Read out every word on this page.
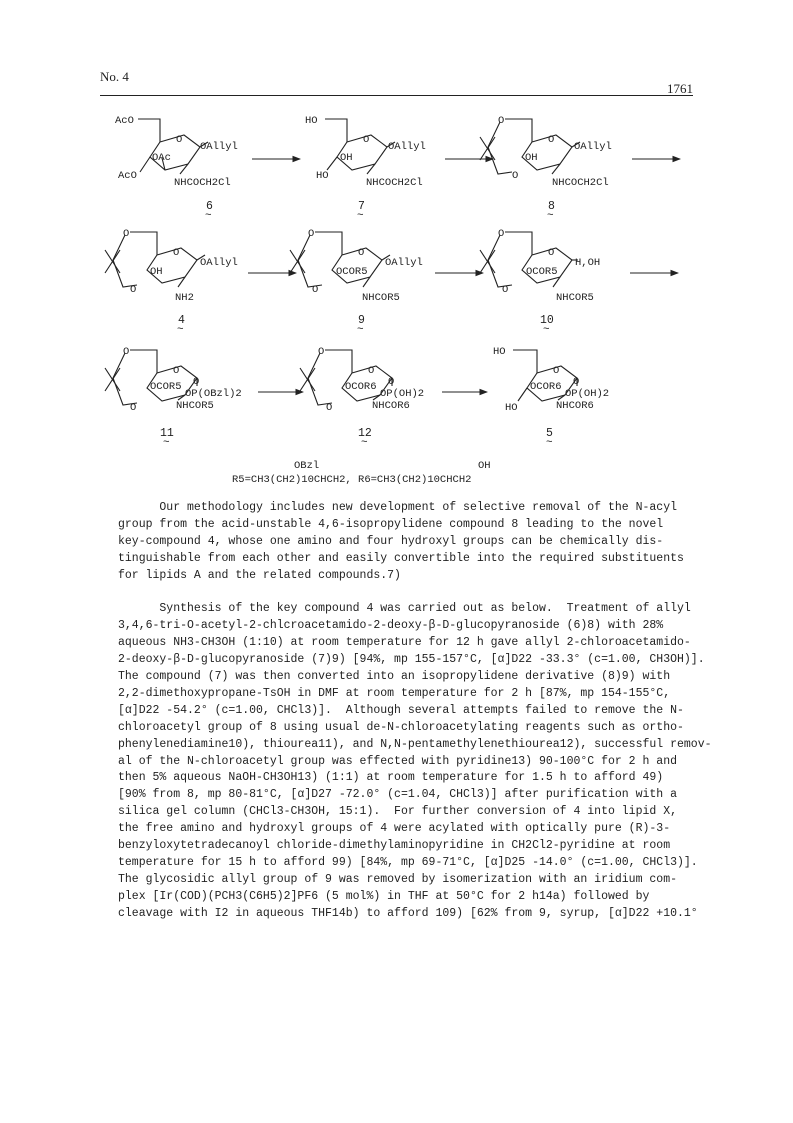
No. 4
1761
O
OAllyl
OAc
AcO
AcO
NHCOCH2Cl
6
~
O
OAllyl
OH
HO
HO
NHCOCH2Cl
7
~
O
OAllyl
OH
O
O
NHCOCH2Cl
8
~
O
OAllyl
OH
O
O
NH2
4
~
O
OAllyl
OCOR5
O
O
NHCOR5
9
~
O
H,OH
OCOR5
O
O
NHCOR5
10
~
O
O
OP(OBzl)2
OCOR5
O
O	NHCOR5
11
~
O
O
OP(OH)2
OCOR6
O
O	NHCOR6
12
~
O
O
OP(OH)2
OCOR6
HO
HO	NHCOR6
5
~
OBzl	OH
R5=CH3(CH2)10CHCH2, R6=CH3(CH2)10CHCH2

Our methodology includes new development of selective removal of the N-acyl

group from the acid-unstable 4,6-isopropylidene compound 8 leading to the novel

key-compound 4, whose one amino and four hydroxyl groups can be chemically dis-

tinguishable from each other and easily convertible into the required substituents

for lipids A and the related compounds.7)

Synthesis of the key compound 4 was carried out as below.  Treatment of allyl

3,4,6-tri-O-acetyl-2-chlcroacetamido-2-deoxy-β-D-glucopyranoside (6)8) with 28%

aqueous NH3-CH3OH (1:10) at room temperature for 12 h gave allyl 2-chloroacetamido-

2-deoxy-β-D-glucopyranoside (7)9) [94%, mp 155-157°C, [α]D22 -33.3° (c=1.00, CH3OH)].

The compound (7) was then converted into an isopropylidene derivative (8)9) with

2,2-dimethoxypropane-TsOH in DMF at room temperature for 2 h [87%, mp 154-155°C,

[α]D22 -54.2° (c=1.00, CHCl3)].  Although several attempts failed to remove the N-

chloroacetyl group of 8 using usual de-N-chloroacetylating reagents such as ortho-

phenylenediamine10), thiourea11), and N,N-pentamethylenethiourea12), successful remov-

al of the N-chloroacetyl group was effected with pyridine13) 90-100°C for 2 h and

then 5% aqueous NaOH-CH3OH13) (1:1) at room temperature for 1.5 h to afford 49)

[90% from 8, mp 80-81°C, [α]D27 -72.0° (c=1.04, CHCl3)] after purification with a

silica gel column (CHCl3-CH3OH, 15:1).  For further conversion of 4 into lipid X,

the free amino and hydroxyl groups of 4 were acylated with optically pure (R)-3-

benzyloxytetradecanoyl chloride-dimethylaminopyridine in CH2Cl2-pyridine at room

temperature for 15 h to afford 99) [84%, mp 69-71°C, [α]D25 -14.0° (c=1.00, CHCl3)].

The glycosidic allyl group of 9 was removed by isomerization with an iridium com-

plex [Ir(COD)(PCH3(C6H5)2]PF6 (5 mol%) in THF at 50°C for 2 h14a) followed by

cleavage with I2 in aqueous THF14b) to afford 109) [62% from 9, syrup, [α]D22 +10.1°
